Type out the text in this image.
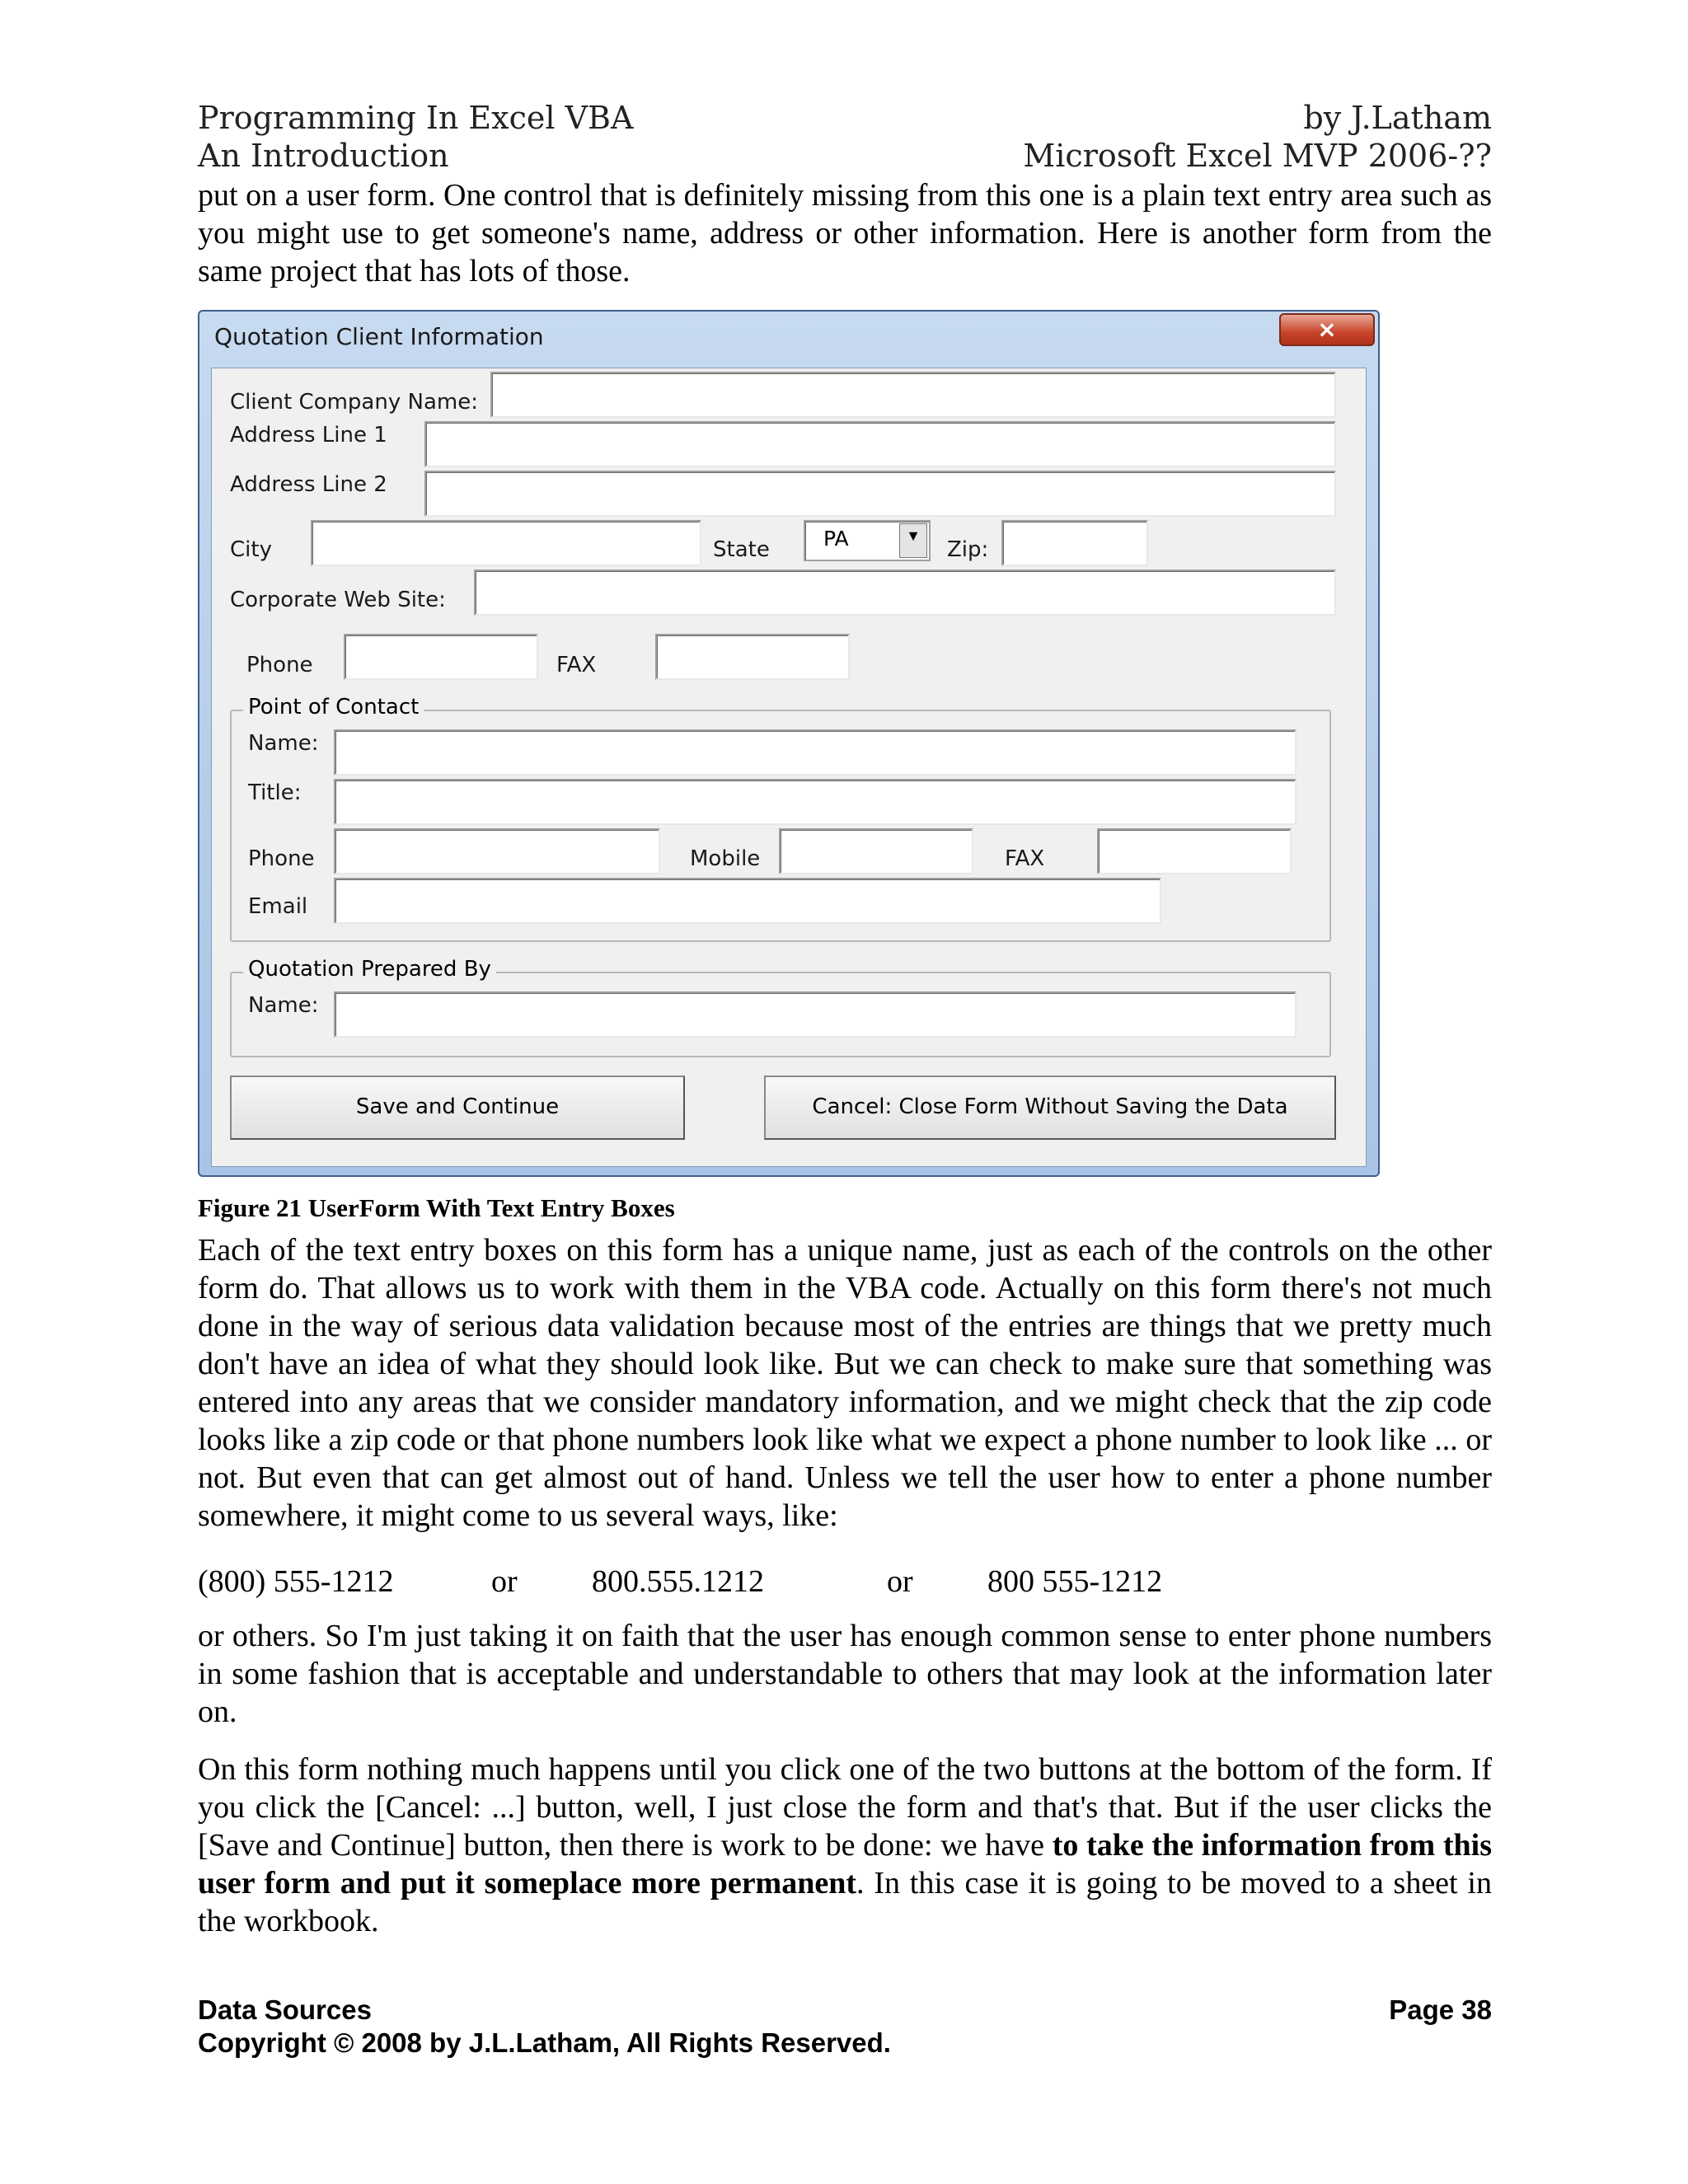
Programming In Excel VBA	by J.Latham
An Introduction	Microsoft Excel MVP 2006-??
put on a user form. One control that is definitely missing from this one is a plain text entry area such as you might use to get someone's name, address or other information. Here is another form from the same project that has lots of those.
Quotation Client Information	×
Client Company Name:
Address Line 1
Address Line 2
City	State	PA	▼
Zip:
Corporate Web Site:
Phone	FAX
Point of Contact
Name:
Title:
Phone	Mobile	FAX
Email
Quotation Prepared By
Name:
Save and Continue	Cancel: Close Form Without Saving the Data
Figure 21 UserForm With Text Entry Boxes
Each of the text entry boxes on this form has a unique name, just as each of the controls on the other form do. That allows us to work with them in the VBA code. Actually on this form there's not much done in the way of serious data validation because most of the entries are things that we pretty much don't have an idea of what they should look like. But we can check to make sure that something was entered into any areas that we consider mandatory information, and we might check that the zip code looks like a zip code or that phone numbers look like what we expect a phone number to look like ... or not. But even that can get almost out of hand. Unless we tell the user how to enter a phone number somewhere, it might come to us several ways, like:
(800) 555-1212	or 800.555.1212	or 800 555-1212
or others. So I'm just taking it on faith that the user has enough common sense to enter phone numbers in some fashion that is acceptable and understandable to others that may look at the information later on.
On this form nothing much happens until you click one of the two buttons at the bottom of the form. If you click the [Cancel: ...] button, well, I just close the form and that's that. But if the user clicks the [Save and Continue] button, then there is work to be done: we have to take the information from this user form and put it someplace more permanent. In this case it is going to be moved to a sheet in the workbook.
Data Sources	Page 38
Copyright © 2008 by J.L.Latham, All Rights Reserved.
